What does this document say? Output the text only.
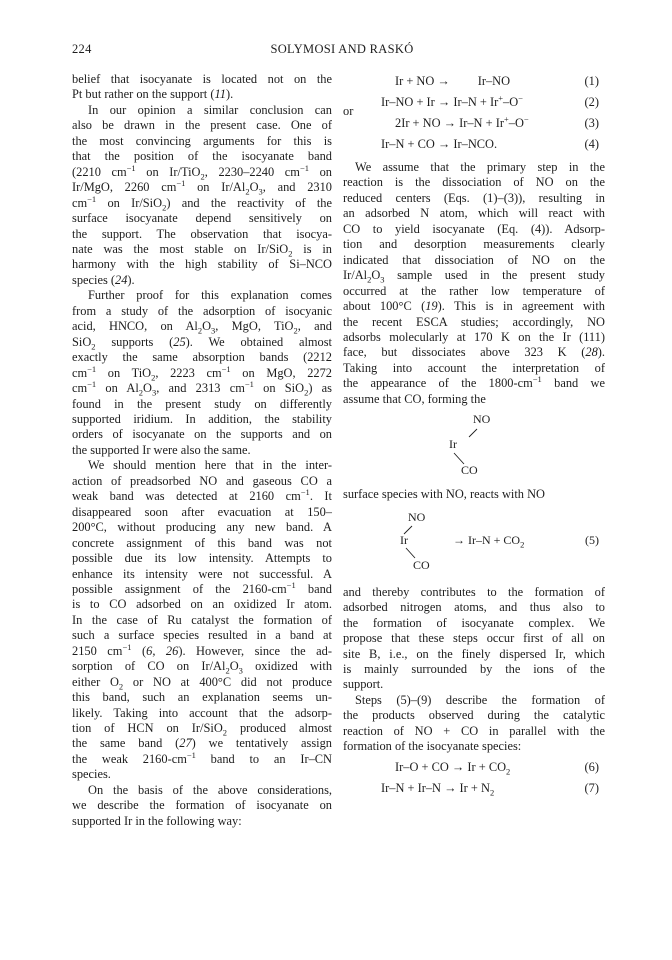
224	SOLYMOSI AND RASKÓ

belief that isocyanate is located not on the

Pt but rather on the support (11).

In our opinion a similar conclusion can

also be drawn in the present case. One of

the most convincing arguments for this is

that the position of the isocyanate band

(2210 $cm^{-1}$ on Ir/TiO$_2$, 2230–2240 $cm^{-1}$ on

Ir/MgO, 2260 $cm^{-1}$ on $Ir/Al_2O_3$, and 2310

$cm^{-1}$ on Ir/SiO$_2$) and the reactivity of the

surface isocyanate depend sensitively on

the support. The observation that isocya-

nate was the most stable on Ir/SiO$_2$ is in

harmony with the high stability of Si–NCO

species (24).

Further proof for this explanation comes

from a study of the adsorption of isocyanic

acid, HNCO, on $Al_2O_3$, MgO, TiO$_2$, and

SiO$_2$ supports (25). We obtained almost

exactly the same absorption bands (2212

$cm^{-1}$ on TiO$_2$, 2223 $cm^{-1}$ on MgO, 2272

$cm^{-1}$ on $Al_2O_3$, and 2313 $cm^{-1}$ on SiO$_2$) as

found in the present study on differently

supported iridium. In addition, the stability

orders of isocyanate on the supports and on

the supported Ir were also the same.

We should mention here that in the inter-

action of preadsorbed NO and gaseous CO a

weak band was detected at 2160 $cm^{-1}$. It

disappeared soon after evacuation at 150–

200°C, without producing any new band. A

concrete assignment of this band was not

possible due its low intensity. Attempts to

enhance its intensity were not successful. A

possible assignment of the $2160-cm^{-1}$ band

is to CO adsorbed on an oxidized Ir atom.

In the case of Ru catalyst the formation of

such a surface species resulted in a band at

2150 $cm^{-1}$ (6, 26). However, since the ad-

sorption of CO on $Ir/Al_2O_3$ oxidized with

either $O_2$ or NO at 400°C did not produce

this band, such an explanation seems un-

likely. Taking into account that the adsorp-

tion of HCN on Ir/SiO$_2$ produced almost

the same band (27) we tentatively assign

the weak $2160-cm^{-1}$ band to an Ir–CN

species.

On the basis of the above considerations,

we describe the formation of isocyanate on

supported Ir in the following way:

or
Ir + NO →         Ir–NO	(1)
Ir–NO + Ir → Ir–N + Ir+–O−	(2)
2Ir + NO → Ir–N + Ir+–O−	(3)
Ir–N + CO → Ir–NCO.	(4)

We assume that the primary step in the

reaction is the dissociation of NO on the

reduced centers (Eqs. (1)–(3)), resulting in

an adsorbed N atom, which will react with

CO to yield isocyanate (Eq. (4)). Adsorp-

tion and desorption measurements clearly

indicated that dissociation of NO on the

$Ir/Al_2O_3$ sample used in the present study

occurred at the rather low temperature of

about 100°C (19). This is in agreement with

the recent ESCA studies; accordingly, NO

adsorbs molecularly at 170 K on the Ir (111)

face, but dissociates above 323 K (28).

Taking into account the interpretation of

the appearance of the $1800-cm^{-1}$ band we

assume that CO, forming the

NO
Ir
CO

surface species with NO, reacts with NO

NO
Ir
CO
→ $Ir-N + CO_2$	(5)

and thereby contributes to the formation of

adsorbed nitrogen atoms, and thus also to

the formation of isocyanate complex. We

propose that these steps occur first of all on

site B, i.e., on the finely dispersed Ir, which

is mainly surrounded by the ions of the

support.

Steps (5)–(9) describe the formation of

the products observed during the catalytic

reaction of NO + CO in parallel with the

formation of the isocyanate species:

Ir–O + CO → $Ir + CO_2$	(6)
$Ir-N + Ir-N \to Ir + N_2$	(7)
